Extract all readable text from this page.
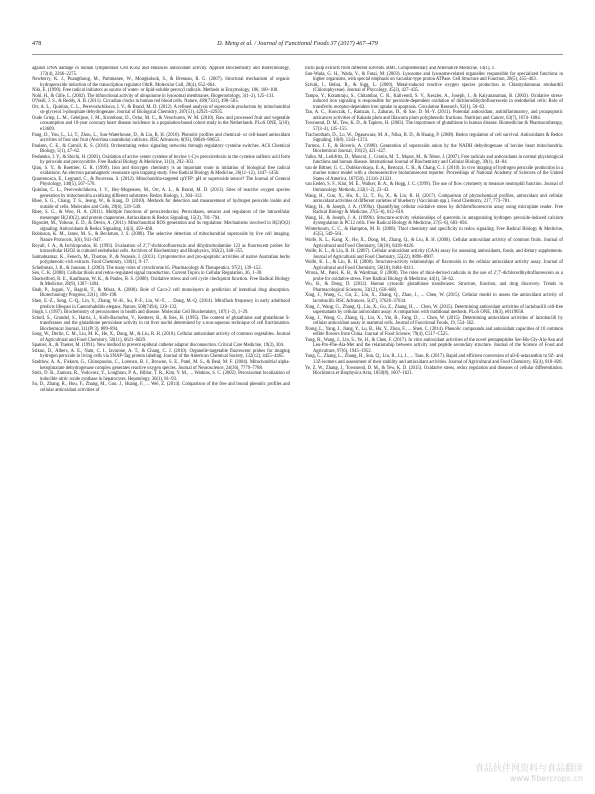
478	D. Meng et al. / Journal of Functional Foods 37 (2017) 467–479

against DNA damage in human lymphoblast Cell K562 and enhances antioxidant activity. Applied Biochemistry and Biotechnology, 172(4), 2266–2275.

Newberry, K. J., Puangthong, M., Pammanee, W., Mongkolsuk, S., & Brennan, R. G. (2007). Structural mechanism of organic hydroperoxide induction of the transcription regulator OhrR. Molecular Cell, 28(4), 652–664.

Niki, E. (1990). Free radical initiators as source of water- or lipid-soluble peroxyl radicals. Methods in Enzymology, 186, 100–108.

Nohl, H., & Gille, L. (2002). The bifunctional activity of ubiquinone in lysosomal membranes. Biogerontology, 3(1–2), 125–131.

O'Neill, J. S., & Reddy, A. B. (2011). Circadian clocks in human red blood cells. Nature, 469(7331), 498–503.

Orr, A. L., Quinlan, C. L., Perevoshchikova, I. V., & Brand, M. D. (2012). A refined analysis of superoxide production by mitochondrial sn-glycerol 3-phosphate dehydrogenase. Journal of Biological Chemistry, 287(51), 42921–42935.

Oude Griep, L. M., Geleijnse, J. M., Kromhout, D., Ocke, M. C., & Verschuren, W. M. (2010). Raw and processed fruit and vegetable consumption and 10-year coronary heart disease incidence in a population-based cohort study in the Netherlands. PLoS ONE, 5(10), e13609.

Pang, D., You, L., Li, T., Zhou, L., Sun-Waterhouse, D., & Liu, R. H. (2016). Phenolic profiles and chemical- or cell-based antioxidant activities of four star fruit (Averrhoa carambola) cultivars. RSC Advances, 6(93), 90646–90653.

Paulsen, C. E., & Carroll, K. S. (2010). Orchestrating redox signaling networks through regulatory cysteine switches. ACS Chemical Biology, 5(1), 47–62.

Peshenko, I. V., & Shichi, H. (2001). Oxidation of active center cysteine of bovine 1-Cys peroxiredoxin to the cysteine sulfenic acid form by peroxide and peroxynitrite. Free Radical Biology & Medicine, 31(3), 292–303.

Qian, S. Y., & Buettner, G. R. (1999). Iron and dioxygen chemistry is an important route to initiation of biological free radical oxidations: An electron paramagnetic resonance spin trapping study. Free Radical Biology & Medicine, 26(11–12), 1447–1456.

Quarrenosca, E., Legrand, C., & Pouvreau, S. (2012). Mitochondria-targeted cpYFP: pH or superoxide sensor? The Journal of General Physiology, 140(5), 567–570.

Quinlan, C. L., Perevoshchikova, I. V., Hey-Mogensen, M., Orr, A. L., & Brand, M. D. (2013). Sites of reactive oxygen species generation by mitochondria oxidizing different substrates. Redox Biology, 1, 304–312.

Rhee, S. G., Chang, T. S., Jeong, W., & Kang, D. (2010). Methods for detection and measurement of hydrogen peroxide inside and outside of cells. Molecules and Cells, 29(6), 539–549.

Rhee, S. G., & Woo, H. A. (2011). Multiple functions of peroxiredoxins: Peroxidases, sensors and regulators of the intracellular messenger H(2)O(2), and protein chaperones. Antioxidants & Redox Signaling, 15(3), 781–794.

Rigoulet, M., Yoboue, E. D., & Devin, A. (2011). Mitochondrial ROS generation and its regulation: Mechanisms involved in H(2)O(2) signaling. Antioxidants & Redox Signaling, 14(3), 459–468.

Robinson, K. M., Janes, M. S., & Beckman, J. S. (2008). The selective detection of mitochondrial superoxide by live cell imaging. Nature Protocols, 3(6), 941–947.

Royall, J. A., & Ischiropoulos, H. (1993). Evaluation of 2',7'-dichlorofluorescin and dihydrorhodamine 123 as fluorescent probes for intracellular H2O2 in cultured endothelial cells. Archives of Biochemistry and Biophysics, 302(2), 348–355.

Saimalnamaz, K., Fenech, M., Thomas, P., & Nozeals, I. (2013). Cytoprotective and pro-apoptotic activities of native Australian herbs polyphenolic-rich extracts. Food Chemistry, 138(1), 9–17.

Scheibman, J. B., & Jansson, I. (2003). The many roles of cytochrome b5. Pharmacology & Therapeutics, 97(2), 139–152.

Sen, C. K. (2000). Cellular thiols and redox-regulated signal transduction. Current Topics in Cellular Regulation, 36, 1–30.

Shackelford, R. E., Kaufmann, W. K., & Paules, R. S. (2000). Oxidative stress and cell cycle checkpoint function. Free Radical Biology & Medicine, 28(9), 1387–1404.

Shah, P., Jogani, V., Bagchi, T., & Misra, A. (2006). Role of Caco-2 cell monolayers in prediction of intestinal drug absorption. Biotechnology Progress, 22(1), 186–198.

Shen, E.-Z., Song, C.-Q., Lin, Y., Zhang, W.-H., Su, P.-F., Liu, W.-Y., ... Dong, M.-Q. (2014). Mitoflash frequency in early adulthood predicts lifespan in Caenorhabditis elegans. Nature, 508(7494), 128–132.

Singh, I. (1997). Biochemistry of peroxisomes in health and disease. Molecular Cell Biochemistry, 167(1–2), 1–29.

Scholl, S., Grundel, S., Harris, J., Kolb-Bachofen, V., Ketterer, B., & Sies, H. (1995). The content of glutathione and glutathione S-transferases and the glutathione peroxidase activity in rat liver nuclei determined by a non-aqueous technique of cell fractionation. Biochemical Journal, 311(Pt 3), 889–894.

Song, W., Derito, C. M., Liu, M. K., He, X., Dong, M., & Liu, R. H. (2010). Cellular antioxidant activity of common vegetables. Journal of Agricultural and Food Chemistry, 58(11), 6621–6629.

Spanier, A., & Traeter, M. (1991). New method to prevent epidural catheter adaptor disconnection. Critical Care Medicine, 19(2), 304.

Srikun, D., Albers, A. E., Nam, C. I., Iavarone, A. T., & Chang, C. J. (2010). Organelle-targetable fluorescent probes for imaging hydrogen peroxide in living cells via SNAP-Tag protein labeling. Journal of the American Chemical Society, 132(12), 4455–4465.

Stadtlow, A. A., Fiskum, G., Chinopoulos, C., Lorenzo, B. J., Browne, S. E., Patel, M. S., & Beal, M. F. (2004). Mitochondrial alpha-ketoglutarate dehydrogenase complex generates reactive oxygen species. Journal of Neuroscience, 24(36), 7779–7788.

Stolz, D. B., Zamora, R., Vodovotz, Y., Loughran, P. A., Billiar, T. R., Kim, Y. M., ... Watkins, S. C. (2002). Peroxisomal localization of inducible nitric oxide synthase in hepatocytes. Hepatology, 36(1), 81–93.

Su, D., Zhang, R., Hou, F., Zhang, M., Guo, J., Huang, F., ... Wei, Z. (2014). Comparison of the free and bound phenolic profiles and cellular antioxidant activities of

litchi pulp extracts from different solvents. BMC Complementary and Alternative Medicine, 14(1), 1.

Sun-Wada, G. H., Wada, Y., & Futai, M. (2003). Lysosome and lysosome-related organelles responsible for specialized functions in higher organisms, with special emphasis on vacuolar-type proton ATPase. Cell Structure and Function, 28(5), 455–463.

Szivak, I., Behra, R., & Sigg, L. (2009). Metal-induced reactive oxygen species production in Chlamydomonas reinhardtii (Chlorophyceae). Journal of Phycology, 45(2), 427–435.

Tampo, Y., Kotamraju, S., Chitambar, C. R., Kalivendi, S. V., Keszler, A., Joseph, J., & Kalyanaraman, B. (2003). Oxidative stress-induced iron signaling is responsible for peroxide-dependent oxidation of dichlorodihydrofluorescein in endothelial cells: Role of transferrin receptor-dependent iron uptake in apoptosis. Circulation Research, 92(1), 56–63.

Tan, A. C., Konczak, I., Ramzan, I., Zabaras, D., & Sze, D. M.-Y. (2011). Potential antioxidant, antiinflammatory, and proapoptotic anticancer activities of Kakadu plum and Illawarra plum polyphenolic fractions. Nutrition and Cancer, 63(7), 1074–1084.

Townsend, D. M., Tew, K. D., & Tapiero, H. (2003). The importance of glutathione in human disease. Biomedicine & Pharmacotherapy, 57(3–4), 145–155.

Trachootham, D., Lu, W., Ogasawara, M. A., Nilsa, R. D., & Huang, P. (2008). Redox regulation of cell survival. Antioxidants & Redox Signaling, 10(8), 1343–1374.

Turrens, J. F., & Boveris, A. (1980). Generation of superoxide anion by the NADH dehydrogenase of bovine heart mitochondria. Biochemical Journal, 191(2), 421–427.

Valko, M., Leibfritz, D., Moncol, J., Cronin, M. T., Mazur, M., & Telser, J. (2007). Free radicals and antioxidants in normal physiological functions and human disease. International Journal of Biochemistry and Cellular Biology, 39(1), 44–84.

van de Bittner, G. C., Dubikovskaya, E. A., Bertozzi, C. R., & Chang, C. J. (2010). In vivo imaging of hydrogen peroxide production in a murine tumor model with a chemoselective bioluminescent reporter. Proceedings of National Academy of Sciences of the United States of America, 107(50), 21316–21321.

van Eeden, S. F., Klut, M. E., Walker, B. A., & Hogg, J. C. (1999). The use of flow cytometry to measure neutrophil function. Journal of Immunology Methods, 232(1–2), 23–43.

Wang, H., Guo, X., Hu, X., Li, T., Fu, X., & Liu, R. H. (2017). Comparison of phytochemical profiles, antioxidant and cellular antioxidant activities of different varieties of blueberry (Vaccinium spp.). Food Chemistry, 217, 773–781.

Wang, H., & Joseph, J. A. (1999a). Quantifying cellular oxidative stress by dichlorofluorescein assay using microplate reader. Free Radical Biology & Medicine, 27(5–6), 612–616.

Wang, H., & Joseph, J. A. (1999b). Structure-activity relationships of quercetin in antagonizing hydrogen peroxide-induced calcium dysregulation in PC12 cells. Free Radical Biology & Medicine, 27(5–6), 683–694.

Winterbourn, C. C., & Hampton, M. B. (2008). Thiol chemistry and specificity in redox signaling. Free Radical Biology & Medicine, 45(5), 549–561.

Wolfe, K. L., Kang, X., He, X., Dong, M., Zhang, Q., & Liu, R. H. (2008). Cellular antioxidant activity of common fruits. Journal of Agricultural and Food Chemistry, 56(18), 8418–8426.

Wolfe, K. L., & Liu, R. H. (2007). Cellular antioxidant activity (CAA) assay for assessing antioxidants, foods, and dietary supplements. Journal of Agricultural and Food Chemistry, 55(22), 8896–8907.

Wolfe, K. L., & Liu, R. H. (2008). Structure-activity relationships of flavonoids in the cellular antioxidant activity assay. Journal of Agricultural and Food Chemistry, 56(18), 8404–8411.

Wrona, M., Patel, K. B., & Wardman, P. (2008). The roles of thiol-derived radicals in the use of 2',7'-dichlorodihydrofluorescein as a probe for oxidative stress. Free Radical Biology & Medicine, 44(1), 56–62.

Wu, B., & Dong, D. (2012). Human cytosolic glutathione transferases: Structure, function, and drug discovery. Trends in Pharmacological Sciences, 33(12), 656–668.

Xing, J., Wang, G., Gu, Z., Liu, X., Zhang, Q., Zhao, J., ... Chen, W. (2015). Cellular model to assess the antioxidant activity of lactobacilli. RSC Advances, 5(47), 37626–37634.

Xing, J., Wang, G., Zhang, Q., Liu, X., Gu, Z., Zhang, H., ... Chen, W. (2015). Determining antioxidant activities of lactobacilli cell-free supernatants by cellular antioxidant assay: A comparison with traditional methods. PLoS ONE, 10(3), e0119058.

Xing, J., Wang, G., Zhang, Q., Liu, X., Yin, B., Fang, D., ... Chen, W. (2015). Determining antioxidant activities of lactobacilli by cellular antioxidant assay in mammal cells. Journal of Functional Foods, 19, 554–562.

Xiong, L., Yang, J., Jiang, Y., Lu, B., Hu, Y., Zhou, F., ... Shen, C. (2014). Phenolic compounds and antioxidant capacities of 10 common edible flowers from China. Journal of Food Science, 79(4), C517–C525.

Yang, R., Wang, J., Lin, S., Ye, H., & Chen, F. (2017). In vitro antioxidant activities of the novel pentapeptides Ser-His-Gly-Ala-Asn and Leu-Pro-Phe-Ala-Met and the relationship between activity and peptide secondary structure. Journal of the Science of Food and Agriculture, 97(6), 1945–1952.

Yang, C., Zhang, L., Zhang, H., Sun, Q., Liu, R., Li, J., ... Tsao, R. (2017). Rapid and efficient conversion of all-E-astaxanthin to 9Z- and 13Z-isomers and assessment of their stability and antioxidant activities. Journal of Agricultural and Food Chemistry, 65(4), 818–826.

Ye, Z. W., Zhang, J., Townsend, D. M., & Tew, K. D. (2015). Oxidative stress, redox regulation and diseases of cellular differentiation. Biochimica et Biophysica Acta, 1850(8), 1607–1621.

食品伙伴网资料与食品翻译
www.fibercrops.cn
